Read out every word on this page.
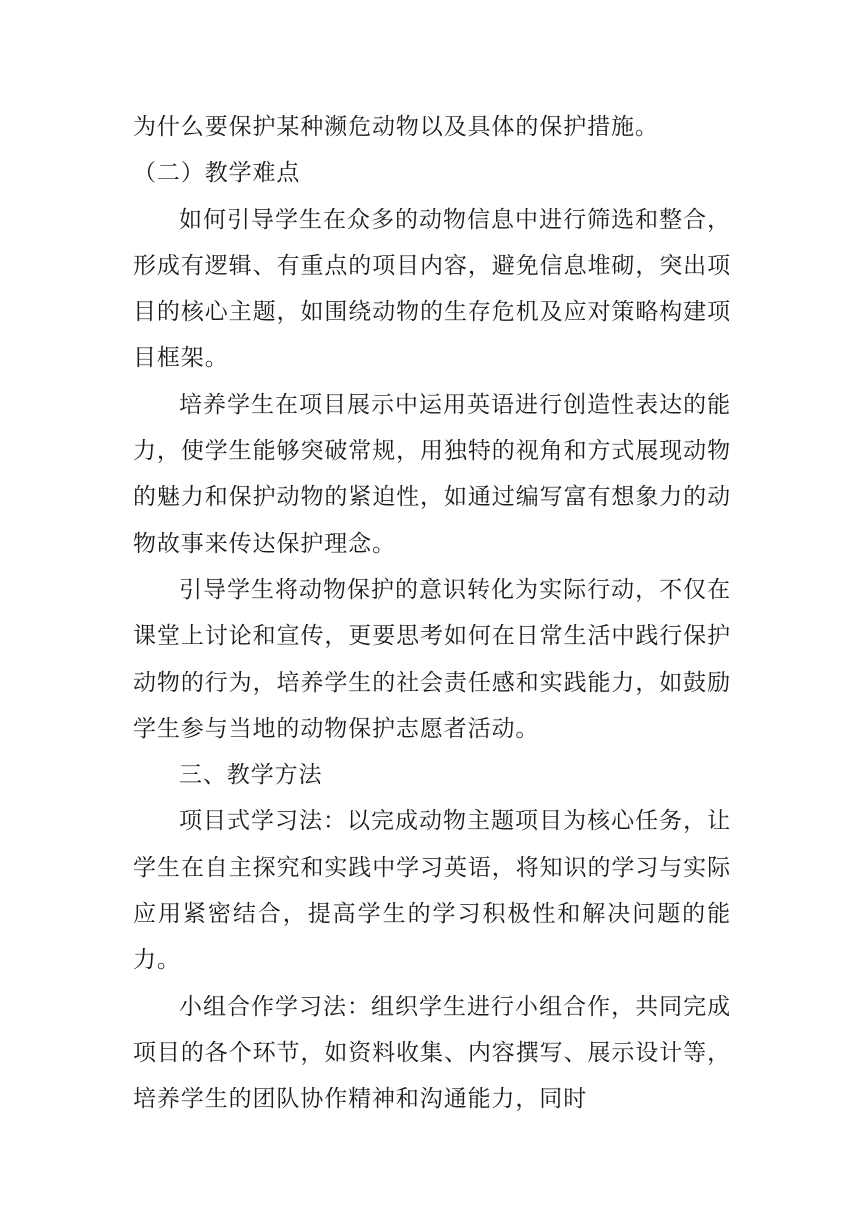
为什么要保护某种濒危动物以及具体的保护措施。

（二）教学难点

如何引导学生在众多的动物信息中进行筛选和整合，形成有逻辑、有重点的项目内容，避免信息堆砌，突出项目的核心主题，如围绕动物的生存危机及应对策略构建项目框架。

培养学生在项目展示中运用英语进行创造性表达的能力，使学生能够突破常规，用独特的视角和方式展现动物的魅力和保护动物的紧迫性，如通过编写富有想象力的动物故事来传达保护理念。

引导学生将动物保护的意识转化为实际行动，不仅在课堂上讨论和宣传，更要思考如何在日常生活中践行保护动物的行为，培养学生的社会责任感和实践能力，如鼓励学生参与当地的动物保护志愿者活动。

三、教学方法

项目式学习法：以完成动物主题项目为核心任务，让学生在自主探究和实践中学习英语，将知识的学习与实际应用紧密结合，提高学生的学习积极性和解决问题的能力。

小组合作学习法：组织学生进行小组合作，共同完成项目的各个环节，如资料收集、内容撰写、展示设计等，培养学生的团队协作精神和沟通能力，同时
